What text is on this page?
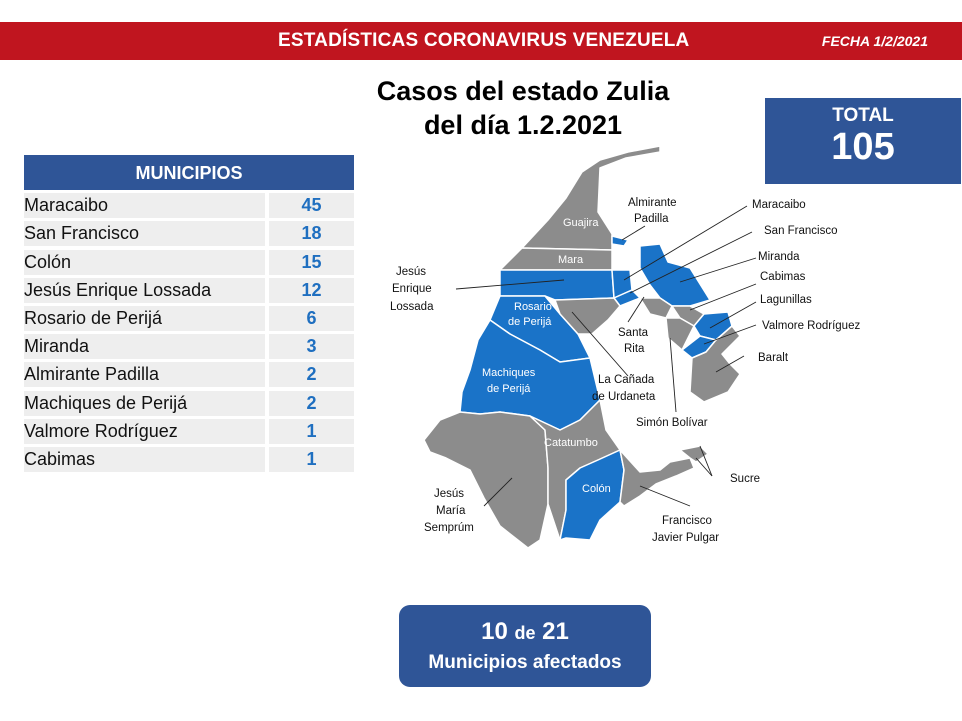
ESTADÍSTICAS CORONAVIRUS VENEZUELA	FECHA 1/2/2021
Guajira
Mara
Rosario
de Perijá
Machiques
de Perijá
Catatumbo
Colón
Almirante
Padilla
Maracaibo
San Francisco
Miranda
Cabimas
Lagunillas
Valmore Rodríguez
Baralt
Jesús
Enrique
Lossada
Santa
Rita
La Cañada
de Urdaneta
Simón Bolívar
Sucre
Jesús
María
Semprúm
Francisco
Javier Pulgar
Casos del estado Zulia
del día 1.2.2021	TOTAL
105
MUNICIPIOS
Maracaibo	45
San Francisco	18
Colón	15
Jesús Enrique Lossada	12
Rosario de Perijá	6
Miranda	3
Almirante Padilla	2
Machiques de Perijá	2
Valmore Rodríguez	1
Cabimas	1
10 de 21
Municipios afectados
